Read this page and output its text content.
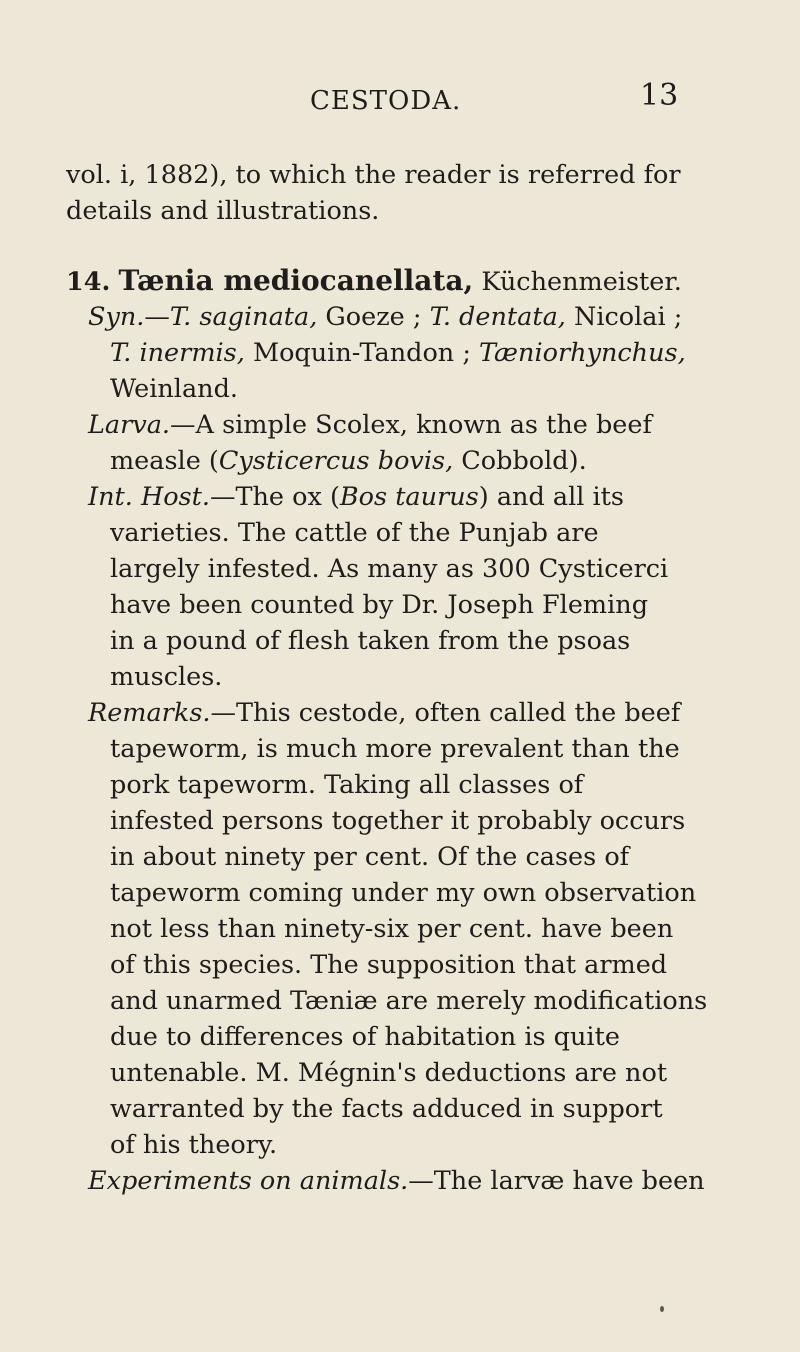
CESTODA.	13
vol. i, 1882), to which the reader is referred for
details and illustrations.
14. Tænia mediocanellata, Küchenmeister.
Syn.—T. saginata, Goeze ; T. dentata, Nicolai ;
T. inermis, Moquin-Tandon ; Tæniorhynchus,
Weinland.
Larva.—A simple Scolex, known as the beef
measle (Cysticercus bovis, Cobbold).
Int. Host.—The ox (Bos taurus) and all its
varieties. The cattle of the Punjab are
largely infested. As many as 300 Cysticerci
have been counted by Dr. Joseph Fleming
in a pound of flesh taken from the psoas
muscles.
Remarks.—This cestode, often called the beef
tapeworm, is much more prevalent than the
pork tapeworm. Taking all classes of
infested persons together it probably occurs
in about ninety per cent. Of the cases of
tapeworm coming under my own observation
not less than ninety-six per cent. have been
of this species. The supposition that armed
and unarmed Tæniæ are merely modifications
due to differences of habitation is quite
untenable. M. Mégnin's deductions are not
warranted by the facts adduced in support
of his theory.
Experiments on animals.—The larvæ have been
